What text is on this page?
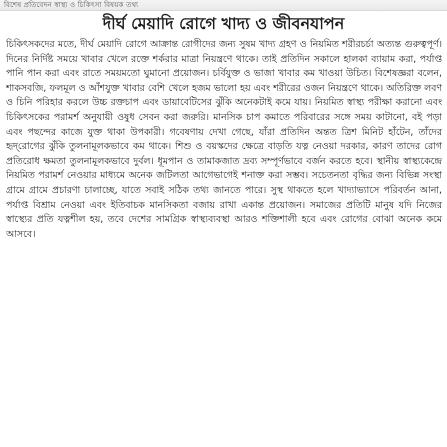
বিশেষ প্রতিবেদন স্বাস্থ্য ও চিকিৎসা বিষয়ক তথ্য
দীর্ঘ মেয়াদি রোগে খাদ্য ও জীবনযাপন

চিকিৎসকদের মতে, দীর্ঘ মেয়াদি রোগে আক্রান্ত রোগীদের জন্য সুষম খাদ্য গ্রহণ ও নিয়মিত শরীরচর্চা অত্যন্ত গুরুত্বপূর্ণ। দিনের নির্দিষ্ট সময়ে খাবার খেলে রক্তে শর্করার মাত্রা নিয়ন্ত্রণে থাকে। তাই প্রতিদিন সকালে হালকা ব্যায়াম করা, পর্যাপ্ত পানি পান করা এবং রাতে সময়মতো ঘুমানো প্রয়োজন। চর্বিযুক্ত ও ভাজা খাবার কম খাওয়া উচিত। বিশেষজ্ঞরা বলেন, শাকসবজি, ফলমূল ও আঁশযুক্ত খাবার বেশি খেলে হজম ভালো হয় এবং শরীরের ওজন নিয়ন্ত্রণে থাকে। অতিরিক্ত লবণ ও চিনি পরিহার করলে উচ্চ রক্তচাপ এবং ডায়াবেটিসের ঝুঁকি অনেকটাই কমে যায়। নিয়মিত স্বাস্থ্য পরীক্ষা করানো এবং চিকিৎসকের পরামর্শ অনুযায়ী ওষুধ সেবন করা জরুরি। মানসিক চাপ কমাতে পরিবারের সঙ্গে সময় কাটানো, বই পড়া এবং পছন্দের কাজে যুক্ত থাকা উপকারী। গবেষণায় দেখা গেছে, যাঁরা প্রতিদিন অন্তত ত্রিশ মিনিট হাঁটেন, তাঁদের হৃদ্‌রোগের ঝুঁকি তুলনামূলকভাবে কম থাকে। শিশু ও বয়স্কদের ক্ষেত্রে বাড়তি যত্ন নেওয়া দরকার, কারণ তাদের রোগ প্রতিরোধ ক্ষমতা তুলনামূলকভাবে দুর্বল। ধূমপান ও তামাকজাত দ্রব্য সম্পূর্ণভাবে বর্জন করতে হবে। স্থানীয় স্বাস্থ্যকেন্দ্রে নিয়মিত পরামর্শ নেওয়ার মাধ্যমে অনেক জটিলতা আগেভাগেই শনাক্ত করা সম্ভব। সচেতনতা বৃদ্ধির জন্য বিভিন্ন সংস্থা গ্রামে গ্রামে প্রচারণা চালাচ্ছে, যাতে সবাই সঠিক তথ্য জানতে পারে। সুস্থ থাকতে হলে খাদ্যাভ্যাসে পরিবর্তন আনা, পর্যাপ্ত বিশ্রাম নেওয়া এবং ইতিবাচক মানসিকতা বজায় রাখা একান্ত প্রয়োজন। সমাজের প্রতিটি মানুষ যদি নিজের স্বাস্থ্যের প্রতি যত্নশীল হয়, তবে দেশের সামগ্রিক স্বাস্থ্যব্যবস্থা আরও শক্তিশালী হবে এবং রোগের বোঝা অনেক কমে আসবে।
